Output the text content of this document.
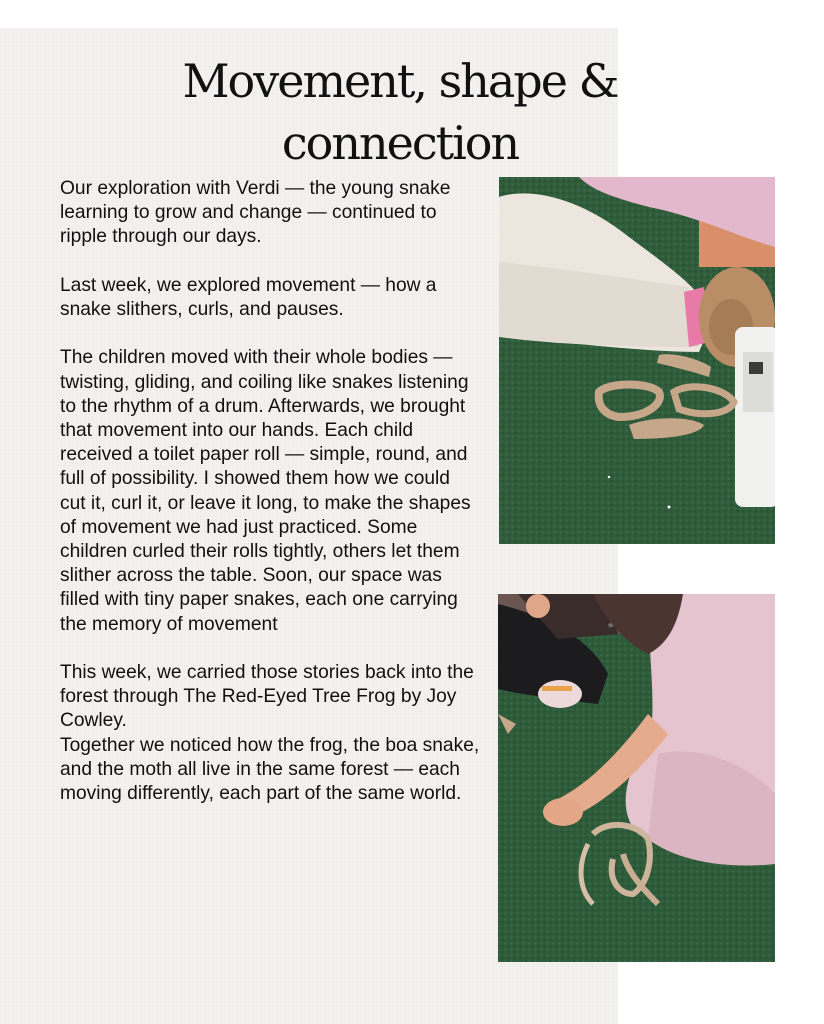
Movement, shape & connection

Our exploration with Verdi — the young snake learning to grow and change — continued to ripple through our days.

Last week, we explored movement — how a snake slithers, curls, and pauses.

The children moved with their whole bodies — twisting, gliding, and coiling like snakes listening to the rhythm of a drum. Afterwards, we brought that movement into our hands. Each child received a toilet paper roll — simple, round, and full of possibility. I showed them how we could cut it, curl it, or leave it long, to make the shapes of movement we had just practiced. Some children curled their rolls tightly, others let them slither across the table. Soon, our space was filled with tiny paper snakes, each one carrying the memory of movement

This week, we carried those stories back into the forest through The Red-Eyed Tree Frog by Joy Cowley.

Together we noticed how the frog, the boa snake, and the moth all live in the same forest — each moving differently, each part of the same world.
